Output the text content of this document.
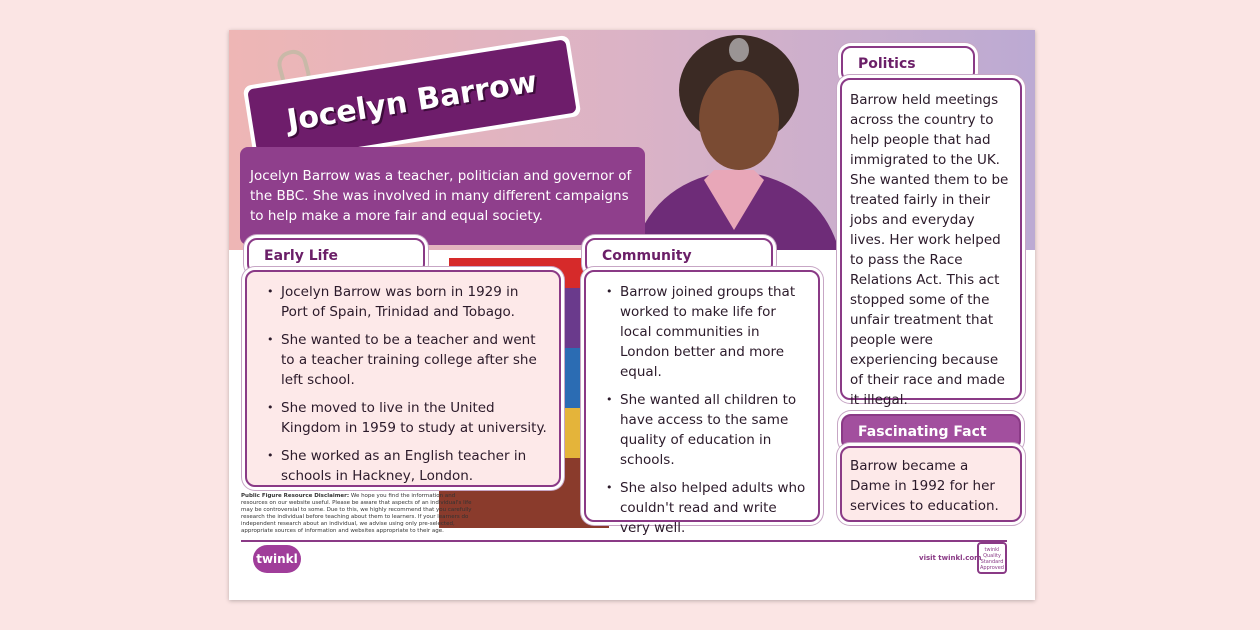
Jocelyn Barrow
Jocelyn Barrow was a teacher, politician and governor of the BBC. She was involved in many different campaigns to help make a more fair and equal society.
Early Life
• Jocelyn Barrow was born in 1929 in Port of Spain, Trinidad and Tobago.
• She wanted to be a teacher and went to a teacher training college after she left school.
• She moved to live in the United Kingdom in 1959 to study at university.
• She worked as an English teacher in schools in Hackney, London.
Community
• Barrow joined groups that worked to make life for local communities in London better and more equal.
• She wanted all children to have access to the same quality of education in schools.
• She also helped adults who couldn't read and write very well.
Politics
Barrow held meetings across the country to help people that had immigrated to the UK. She wanted them to be treated fairly in their jobs and everyday lives. Her work helped to pass the Race Relations Act. This act stopped some of the unfair treatment that people were experiencing because of their race and made it illegal.
Fascinating Fact
Barrow became a Dame in 1992 for her services to education.
Public Figure Resource Disclaimer: We hope you find the information and resources on our website useful. Please be aware that aspects of an individual's life may be controversial to some. Due to this, we highly recommend that you carefully research the individual before teaching about them to learners. If your learners do independent research about an individual, we advise using only pre-selected, appropriate sources of information and websites appropriate to their age.
twinkl	visit twinkl.com
twinkl Quality Standard Approved
